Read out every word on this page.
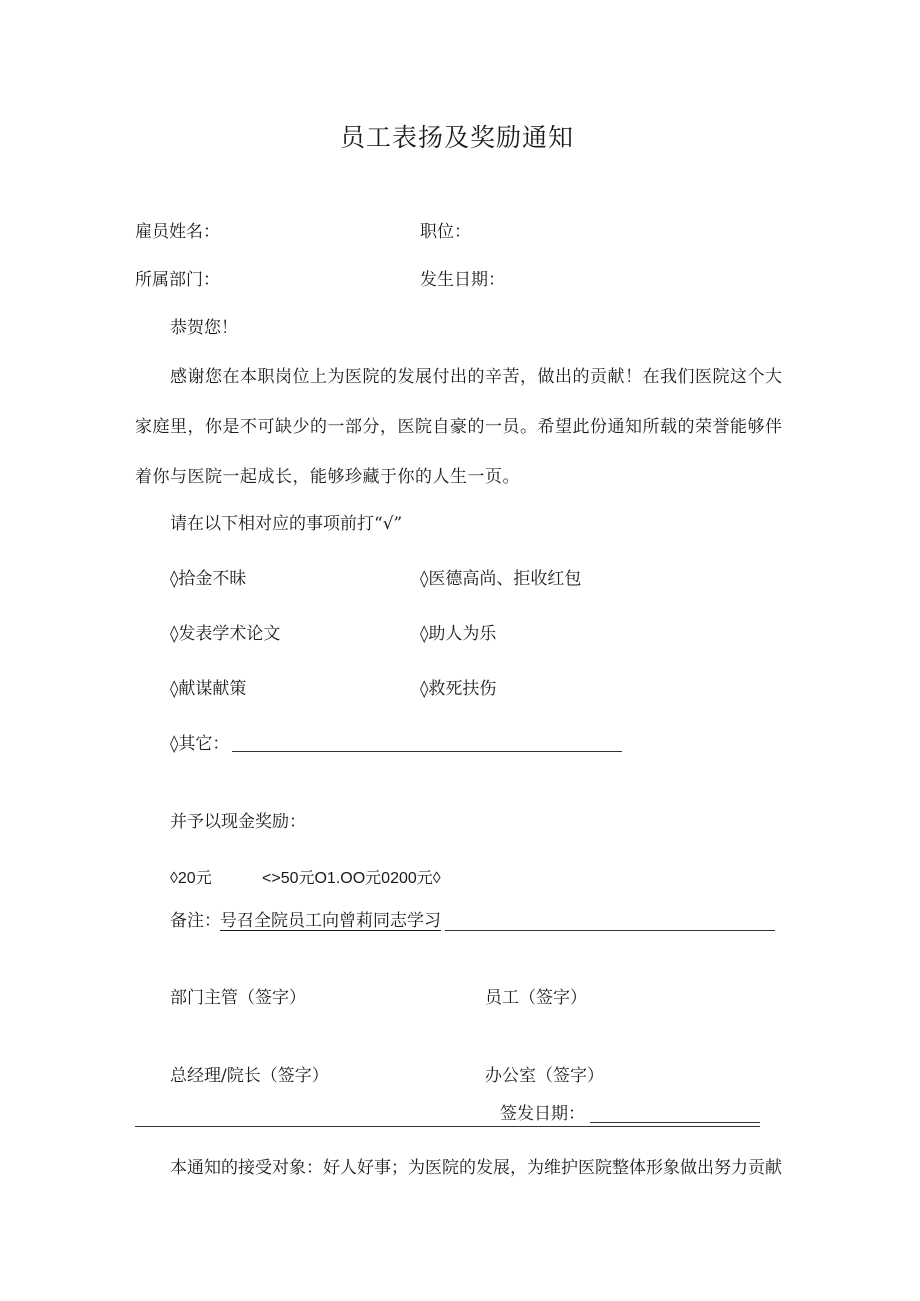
员工表扬及奖励通知
雇员姓名：	职位：
所属部门：	发生日期：
恭贺您！
感谢您在本职岗位上为医院的发展付出的辛苦，做出的贡献！在我们医院这个大家庭里，你是不可缺少的一部分，医院自豪的一员。希望此份通知所载的荣誉能够伴着你与医院一起成长，能够珍藏于你的人生一页。
请在以下相对应的事项前打“√”
◊拾金不昧	◊医德高尚、拒收红包
◊发表学术论文	◊助人为乐
◊献谋献策	◊救死扶伤
◊其它：
并予以现金奖励：
◊20元	<>50元O1.OO元0200元◊
备注： 号召全院员工向曾莉同志学习
部门主管（签字）	员工（签字）
总经理/院长（签字）	办公室（签字）
签发日期：
本通知的接受对象：好人好事；为医院的发展，为维护医院整体形象做出努力贡献
